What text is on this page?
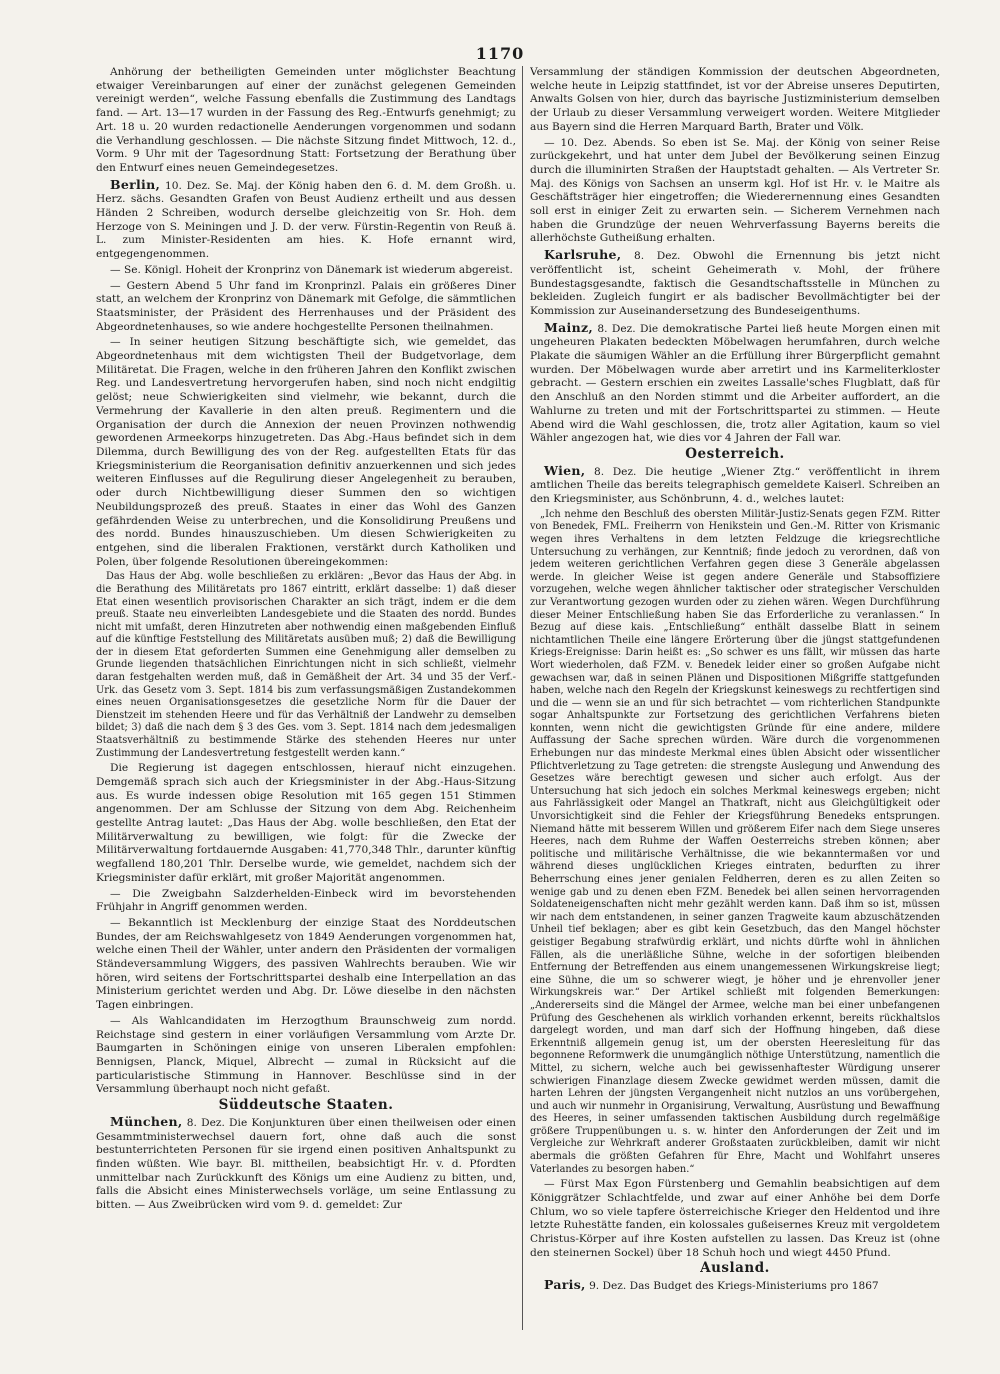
1170

Anhörung der betheiligten Gemeinden unter möglichster Beachtung etwaiger Vereinbarungen auf einer der zunächst gelegenen Gemeinden vereinigt werden“, welche Fassung ebenfalls die Zustimmung des Landtags fand. — Art. 13—17 wurden in der Fassung des Reg.-Entwurfs genehmigt; zu Art. 18 u. 20 wurden redactionelle Aenderungen vorgenommen und sodann die Verhandlung geschlossen. — Die nächste Sitzung findet Mittwoch, 12. d., Vorm. 9 Uhr mit der Tagesordnung Statt: Fortsetzung der Berathung über den Entwurf eines neuen Gemeindegesetzes.

Berlin, 10. Dez. Se. Maj. der König haben den 6. d. M. dem Großh. u. Herz. sächs. Gesandten Grafen von Beust Audienz ertheilt und aus dessen Händen 2 Schreiben, wodurch derselbe gleichzeitig von Sr. Hoh. dem Herzoge von S. Meiningen und J. D. der verw. Fürstin-Regentin von Reuß ä. L. zum Minister-Residenten am hies. K. Hofe ernannt wird, entgegengenommen.

— Se. Königl. Hoheit der Kronprinz von Dänemark ist wiederum abgereist.

— Gestern Abend 5 Uhr fand im Kronprinzl. Palais ein größeres Diner statt, an welchem der Kronprinz von Dänemark mit Gefolge, die sämmtlichen Staatsminister, der Präsident des Herrenhauses und der Präsident des Abgeordnetenhauses, so wie andere hochgestellte Personen theilnahmen.

— In seiner heutigen Sitzung beschäftigte sich, wie gemeldet, das Abgeordnetenhaus mit dem wichtigsten Theil der Budgetvorlage, dem Militäretat. Die Fragen, welche in den früheren Jahren den Konflikt zwischen Reg. und Landesvertretung hervorgerufen haben, sind noch nicht endgiltig gelöst; neue Schwierigkeiten sind vielmehr, wie bekannt, durch die Vermehrung der Kavallerie in den alten preuß. Regimentern und die Organisation der durch die Annexion der neuen Provinzen nothwendig gewordenen Armeekorps hinzugetreten. Das Abg.-Haus befindet sich in dem Dilemma, durch Bewilligung des von der Reg. aufgestellten Etats für das Kriegsministerium die Reorganisation definitiv anzuerkennen und sich jedes weiteren Einflusses auf die Regulirung dieser Angelegenheit zu berauben, oder durch Nichtbewilligung dieser Summen den so wichtigen Neubildungsprozeß des preuß. Staates in einer das Wohl des Ganzen gefährdenden Weise zu unterbrechen, und die Konsolidirung Preußens und des nordd. Bundes hinauszuschieben. Um diesen Schwierigkeiten zu entgehen, sind die liberalen Fraktionen, verstärkt durch Katholiken und Polen, über folgende Resolutionen übereingekommen:

Das Haus der Abg. wolle beschließen zu erklären: „Bevor das Haus der Abg. in die Berathung des Militäretats pro 1867 eintritt, erklärt dasselbe: 1) daß dieser Etat einen wesentlich provisorischen Charakter an sich trägt, indem er die dem preuß. Staate neu einverleibten Landesgebiete und die Staaten des nordd. Bundes nicht mit umfaßt, deren Hinzutreten aber nothwendig einen maßgebenden Einfluß auf die künftige Feststellung des Militäretats ausüben muß; 2) daß die Bewilligung der in diesem Etat geforderten Summen eine Genehmigung aller demselben zu Grunde liegenden thatsächlichen Einrichtungen nicht in sich schließt, vielmehr daran festgehalten werden muß, daß in Gemäßheit der Art. 34 und 35 der Verf.-Urk. das Gesetz vom 3. Sept. 1814 bis zum verfassungsmäßigen Zustandekommen eines neuen Organisationsgesetzes die gesetzliche Norm für die Dauer der Dienstzeit im stehenden Heere und für das Verhältniß der Landwehr zu demselben bildet; 3) daß die nach dem § 3 des Ges. vom 3. Sept. 1814 nach dem jedesmaligen Staatsverhältniß zu bestimmende Stärke des stehenden Heeres nur unter Zustimmung der Landesvertretung festgestellt werden kann.“

Die Regierung ist dagegen entschlossen, hierauf nicht einzugehen. Demgemäß sprach sich auch der Kriegsminister in der Abg.-Haus-Sitzung aus. Es wurde indessen obige Resolution mit 165 gegen 151 Stimmen angenommen. Der am Schlusse der Sitzung von dem Abg. Reichenheim gestellte Antrag lautet: „Das Haus der Abg. wolle beschließen, den Etat der Militärverwaltung zu bewilligen, wie folgt: für die Zwecke der Militärverwaltung fortdauernde Ausgaben: 41,770,348 Thlr., darunter künftig wegfallend 180,201 Thlr. Derselbe wurde, wie gemeldet, nachdem sich der Kriegsminister dafür erklärt, mit großer Majorität angenommen.

— Die Zweigbahn Salzderhelden-Einbeck wird im bevorstehenden Frühjahr in Angriff genommen werden.

— Bekanntlich ist Mecklenburg der einzige Staat des Norddeutschen Bundes, der am Reichswahlgesetz von 1849 Aenderungen vorgenommen hat, welche einen Theil der Wähler, unter andern den Präsidenten der vormaligen Ständeversammlung Wiggers, des passiven Wahlrechts berauben. Wie wir hören, wird seitens der Fortschrittspartei deshalb eine Interpellation an das Ministerium gerichtet werden und Abg. Dr. Löwe dieselbe in den nächsten Tagen einbringen.

— Als Wahlcandidaten im Herzogthum Braunschweig zum nordd. Reichstage sind gestern in einer vorläufigen Versammlung vom Arzte Dr. Baumgarten in Schöningen einige von unseren Liberalen empfohlen: Bennigsen, Planck, Miquel, Albrecht — zumal in Rücksicht auf die particularistische Stimmung in Hannover. Beschlüsse sind in der Versammlung überhaupt noch nicht gefaßt.

Süddeutsche Staaten.

München, 8. Dez. Die Konjunkturen über einen theilweisen oder einen Gesammtministerwechsel dauern fort, ohne daß auch die sonst bestunterrichteten Personen für sie irgend einen positiven Anhaltspunkt zu finden wüßten. Wie bayr. Bl. mittheilen, beabsichtigt Hr. v. d. Pfordten unmittelbar nach Zurückkunft des Königs um eine Audienz zu bitten, und, falls die Absicht eines Ministerwechsels vorläge, um seine Entlassung zu bitten. — Aus Zweibrücken wird vom 9. d. gemeldet: Zur

Versammlung der ständigen Kommission der deutschen Abgeordneten, welche heute in Leipzig stattfindet, ist vor der Abreise unseres Deputirten, Anwalts Golsen von hier, durch das bayrische Justizministerium demselben der Urlaub zu dieser Versammlung verweigert worden. Weitere Mitglieder aus Bayern sind die Herren Marquard Barth, Brater und Völk.

— 10. Dez. Abends. So eben ist Se. Maj. der König von seiner Reise zurückgekehrt, und hat unter dem Jubel der Bevölkerung seinen Einzug durch die illuminirten Straßen der Hauptstadt gehalten. — Als Vertreter Sr. Maj. des Königs von Sachsen an unserm kgl. Hof ist Hr. v. le Maitre als Geschäftsträger hier eingetroffen; die Wiederernennung eines Gesandten soll erst in einiger Zeit zu erwarten sein. — Sicherem Vernehmen nach haben die Grundzüge der neuen Wehrverfassung Bayerns bereits die allerhöchste Gutheißung erhalten.

Karlsruhe, 8. Dez. Obwohl die Ernennung bis jetzt nicht veröffentlicht ist, scheint Geheimerath v. Mohl, der frühere Bundestagsgesandte, faktisch die Gesandtschaftsstelle in München zu bekleiden. Zugleich fungirt er als badischer Bevollmächtigter bei der Kommission zur Auseinandersetzung des Bundeseigenthums.

Mainz, 8. Dez. Die demokratische Partei ließ heute Morgen einen mit ungeheuren Plakaten bedeckten Möbelwagen herumfahren, durch welche Plakate die säumigen Wähler an die Erfüllung ihrer Bürgerpflicht gemahnt wurden. Der Möbelwagen wurde aber arretirt und ins Karmeliterkloster gebracht. — Gestern erschien ein zweites Lassalle'sches Flugblatt, daß für den Anschluß an den Norden stimmt und die Arbeiter auffordert, an die Wahlurne zu treten und mit der Fortschrittspartei zu stimmen. — Heute Abend wird die Wahl geschlossen, die, trotz aller Agitation, kaum so viel Wähler angezogen hat, wie dies vor 4 Jahren der Fall war.

Oesterreich.

Wien, 8. Dez. Die heutige „Wiener Ztg.“ veröffentlicht in ihrem amtlichen Theile das bereits telegraphisch gemeldete Kaiserl. Schreiben an den Kriegsminister, aus Schönbrunn, 4. d., welches lautet:

„Ich nehme den Beschluß des obersten Militär-Justiz-Senats gegen FZM. Ritter von Benedek, FML. Freiherrn von Henikstein und Gen.-M. Ritter von Krismanic wegen ihres Verhaltens in dem letzten Feldzuge die kriegsrechtliche Untersuchung zu verhängen, zur Kenntniß; finde jedoch zu verordnen, daß von jedem weiteren gerichtlichen Verfahren gegen diese 3 Generäle abgelassen werde. In gleicher Weise ist gegen andere Generäle und Stabsoffiziere vorzugehen, welche wegen ähnlicher taktischer oder strategischer Verschulden zur Verantwortung gezogen wurden oder zu ziehen wären. Wegen Durchführung dieser Meiner Entschließung haben Sie das Erforderliche zu veranlassen.“ In Bezug auf diese kais. „Entschließung“ enthält dasselbe Blatt in seinem nichtamtlichen Theile eine längere Erörterung über die jüngst stattgefundenen Kriegs-Ereignisse: Darin heißt es: „So schwer es uns fällt, wir müssen das harte Wort wiederholen, daß FZM. v. Benedek leider einer so großen Aufgabe nicht gewachsen war, daß in seinen Plänen und Dispositionen Mißgriffe stattgefunden haben, welche nach den Regeln der Kriegskunst keineswegs zu rechtfertigen sind und die — wenn sie an und für sich betrachtet — vom richterlichen Standpunkte sogar Anhaltspunkte zur Fortsetzung des gerichtlichen Verfahrens bieten konnten, wenn nicht die gewichtigsten Gründe für eine andere, mildere Auffassung der Sache sprechen würden. Wäre durch die vorgenommenen Erhebungen nur das mindeste Merkmal eines üblen Absicht oder wissentlicher Pflichtverletzung zu Tage getreten: die strengste Auslegung und Anwendung des Gesetzes wäre berechtigt gewesen und sicher auch erfolgt. Aus der Untersuchung hat sich jedoch ein solches Merkmal keineswegs ergeben; nicht aus Fahrlässigkeit oder Mangel an Thatkraft, nicht aus Gleichgültigkeit oder Unvorsichtigkeit sind die Fehler der Kriegsführung Benedeks entsprungen. Niemand hätte mit besserem Willen und größerem Eifer nach dem Siege unseres Heeres, nach dem Ruhme der Waffen Oesterreichs streben können; aber politische und militärische Verhältnisse, die wie bekanntermaßen vor und während dieses unglücklichen Krieges eintraten, bedurften zu ihrer Beherrschung eines jener genialen Feldherren, deren es zu allen Zeiten so wenige gab und zu denen eben FZM. Benedek bei allen seinen hervorragenden Soldateneigenschaften nicht mehr gezählt werden kann. Daß ihm so ist, müssen wir nach dem entstandenen, in seiner ganzen Tragweite kaum abzuschätzenden Unheil tief beklagen; aber es gibt kein Gesetzbuch, das den Mangel höchster geistiger Begabung strafwürdig erklärt, und nichts dürfte wohl in ähnlichen Fällen, als die unerläßliche Sühne, welche in der sofortigen bleibenden Entfernung der Betreffenden aus einem unangemessenen Wirkungskreise liegt; eine Sühne, die um so schwerer wiegt, je höher und je ehrenvoller jener Wirkungskreis war.“ Der Artikel schließt mit folgenden Bemerkungen: „Andererseits sind die Mängel der Armee, welche man bei einer unbefangenen Prüfung des Geschehenen als wirklich vorhanden erkennt, bereits rückhaltslos dargelegt worden, und man darf sich der Hoffnung hingeben, daß diese Erkenntniß allgemein genug ist, um der obersten Heeresleitung für das begonnene Reformwerk die unumgänglich nöthige Unterstützung, namentlich die Mittel, zu sichern, welche auch bei gewissenhaftester Würdigung unserer schwierigen Finanzlage diesem Zwecke gewidmet werden müssen, damit die harten Lehren der jüngsten Vergangenheit nicht nutzlos an uns vorübergehen, und auch wir nunmehr in Organisirung, Verwaltung, Ausrüstung und Bewaffnung des Heeres, in seiner umfassenden taktischen Ausbildung durch regelmäßige größere Truppenübungen u. s. w. hinter den Anforderungen der Zeit und im Vergleiche zur Wehrkraft anderer Großstaaten zurückbleiben, damit wir nicht abermals die größten Gefahren für Ehre, Macht und Wohlfahrt unseres Vaterlandes zu besorgen haben.“

— Fürst Max Egon Fürstenberg und Gemahlin beabsichtigen auf dem Königgrätzer Schlachtfelde, und zwar auf einer Anhöhe bei dem Dorfe Chlum, wo so viele tapfere österreichische Krieger den Heldentod und ihre letzte Ruhestätte fanden, ein kolossales gußeisernes Kreuz mit vergoldetem Christus-Körper auf ihre Kosten aufstellen zu lassen. Das Kreuz ist (ohne den steinernen Sockel) über 18 Schuh hoch und wiegt 4450 Pfund.

Ausland.

Paris, 9. Dez. Das Budget des Kriegs-Ministeriums pro 1867
